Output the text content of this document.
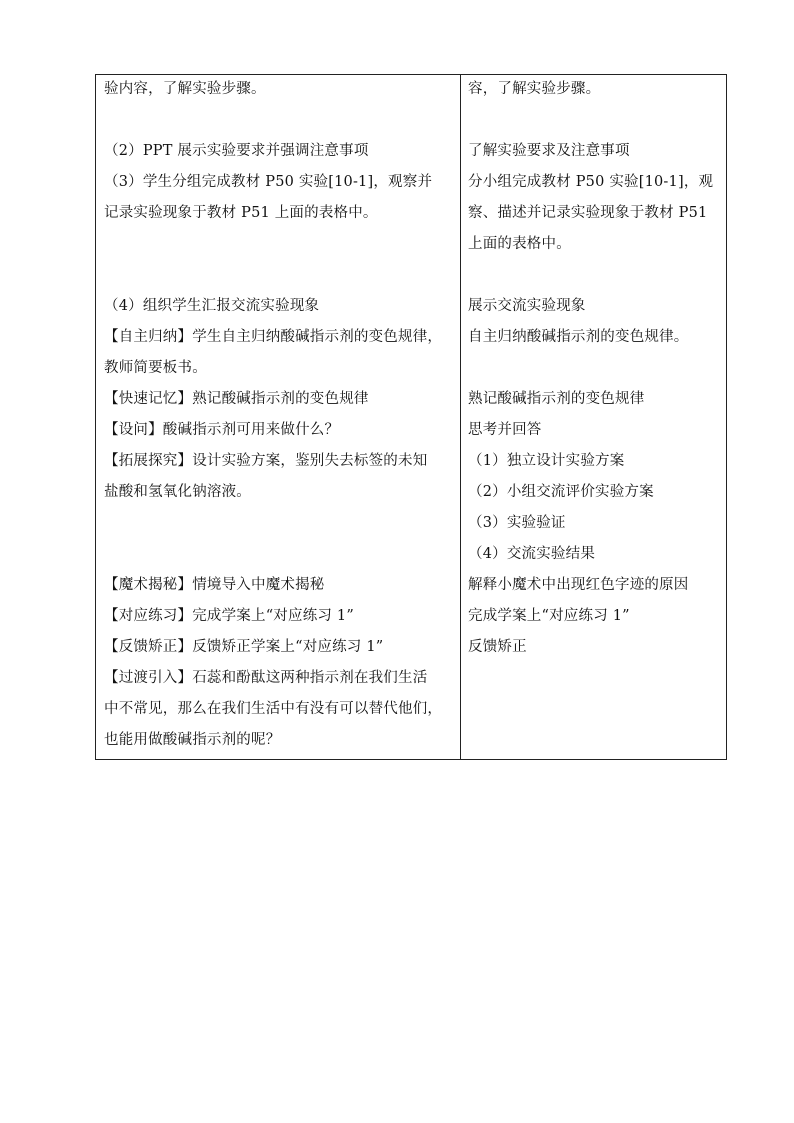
验内容，了解实验步骤。
（2）PPT 展示实验要求并强调注意事项
（3）学生分组完成教材 P50 实验[10-1]，观察并
记录实验现象于教材 P51 上面的表格中。
（4）组织学生汇报交流实验现象
【自主归纳】学生自主归纳酸碱指示剂的变色规律，
教师简要板书。
【快速记忆】熟记酸碱指示剂的变色规律
【设问】酸碱指示剂可用来做什么？
【拓展探究】设计实验方案，鉴别失去标签的未知
盐酸和氢氧化钠溶液。
【魔术揭秘】情境导入中魔术揭秘
【对应练习】完成学案上“对应练习 1”
【反馈矫正】反馈矫正学案上“对应练习 1”
【过渡引入】石蕊和酚酞这两种指示剂在我们生活
中不常见，那么在我们生活中有没有可以替代他们，
也能用做酸碱指示剂的呢？
容，了解实验步骤。
了解实验要求及注意事项
分小组完成教材 P50 实验[10-1]，观
察、描述并记录实验现象于教材 P51
上面的表格中。
展示交流实验现象
自主归纳酸碱指示剂的变色规律。
熟记酸碱指示剂的变色规律
思考并回答
（1）独立设计实验方案
（2）小组交流评价实验方案
（3）实验验证
（4）交流实验结果
解释小魔术中出现红色字迹的原因
完成学案上“对应练习 1”
反馈矫正
